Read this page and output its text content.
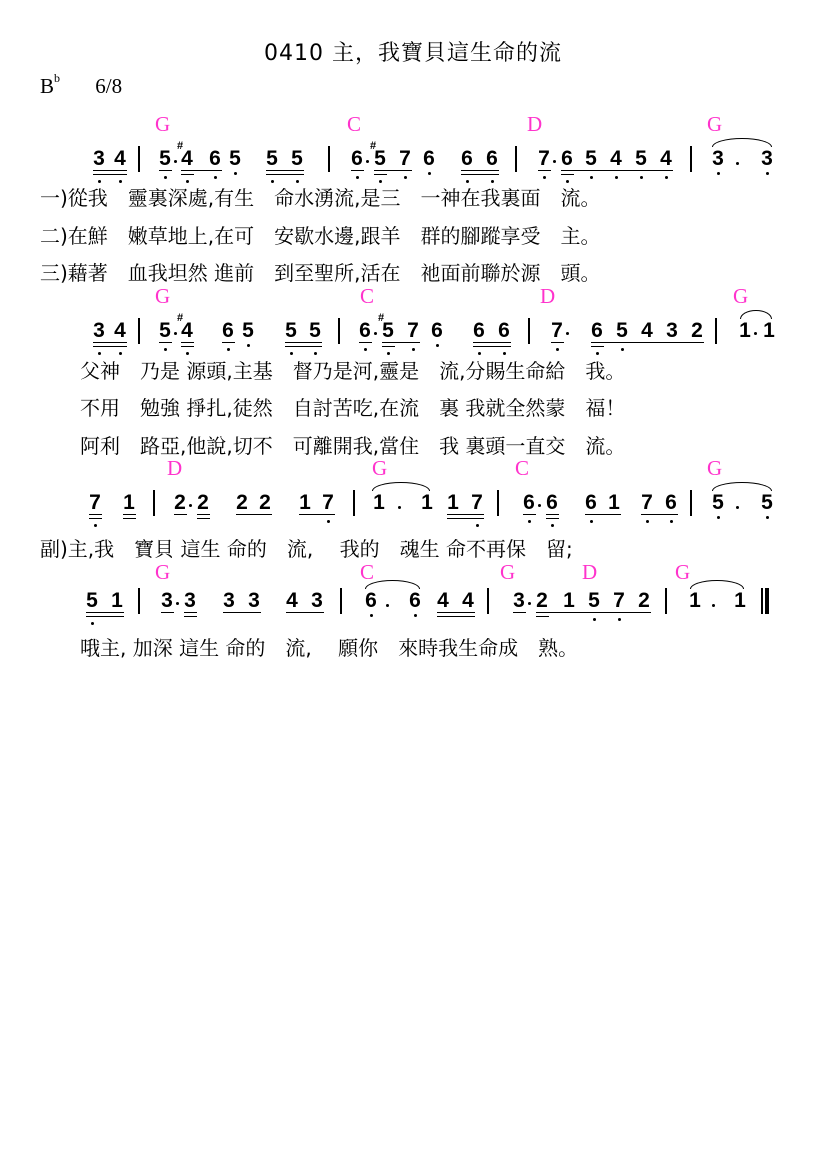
0410 主，我寶貝這生命的流
$B^b$ 6/8
G	C	D	G
3 4 5 4
#
6 5 5 5 6 5
#
7 6 6 6 7 6 5 4 5 4 3 3
一)從我　靈裏深處,有生　命水湧流,是三　一神在我裏面　流。
二)在鮮　嫩草地上,在可　安歇水邊,跟羊　群的腳蹤享受　主。
三)藉著　血我坦然 進前　到至聖所,活在　祂面前聯於源　頭。
G	C	D	G
3 4 5 4
#
6 5 5 5 6 5
#
7 6 6 6 7 6 5 4 3 2 1 1
父神　乃是 源頭,主基　督乃是河,靈是　流,分賜生命給　我。
不用　勉強 掙扎,徒然　自討苦吃,在流　裏 我就全然蒙　福！
阿利　路亞,他說,切不　可離開我,當住　我 裏頭一直交　流。
D	G	C	G
7 1 2 2 2 2 1 7 1 1 1 7 6 6 6 1 7 6 5 5
副)主,我　寶貝 這生 命的　流,　 我的　魂生 命不再保　留;
G	C	G	D	G
5 1 3 3 3 3 4 3 6 6 4 4 3 2 1 5 7 2 1 1
哦主, 加深 這生 命的　流,　 願你　來時我生命成　熟。
